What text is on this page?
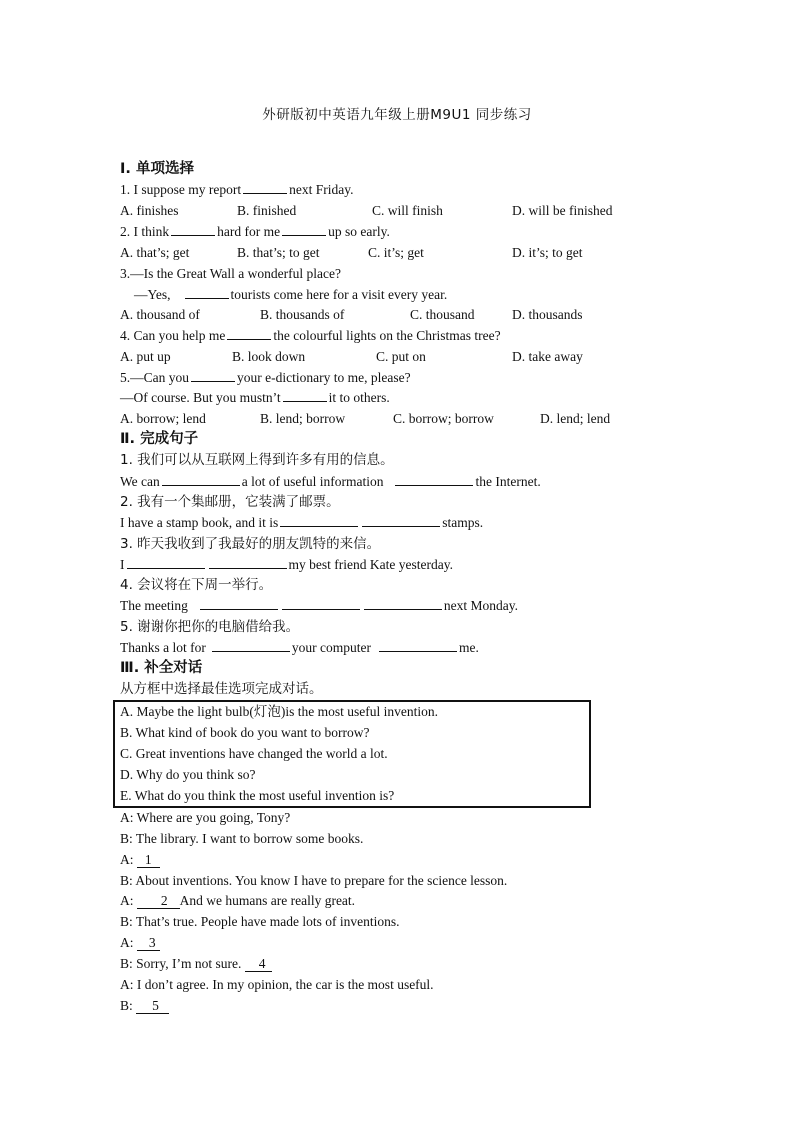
外研版初中英语九年级上册M9U1 同步练习
Ⅰ. 单项选择
1. I suppose my report	next Friday.
A. finishes	B. finished	C. will finish	D. will be finished
2. I think	hard for me	up so early.
A. that’s; get	B. that’s; to get	C. it’s; get	D. it’s; to get
3.—Is the Great Wall a wonderful place?
—Yes,	tourists come here for a visit every year.
A. thousand of	B. thousands of	C. thousand	D. thousands
4. Can you help me	the colourful lights on the Christmas tree?
A. put up	B. look down	C. put on	D. take away
5.—Can you	your e-dictionary to me, please?
—Of course. But you mustn’t	it to others.
A. borrow; lend	B. lend; borrow	C. borrow; borrow	D. lend; lend
Ⅱ. 完成句子
1. 我们可以从互联网上得到许多有用的信息。
We can	a lot of useful information	the Internet.
2. 我有一个集邮册，它装满了邮票。
I have a stamp book, and it is	stamps.
3. 昨天我收到了我最好的朋友凯特的来信。
I	my best friend Kate yesterday.
4. 会议将在下周一举行。
The meeting	next Monday.
5. 谢谢你把你的电脑借给我。
Thanks a lot for	your computer	me.
Ⅲ. 补全对话
从方框中选择最佳选项完成对话。
A. Maybe the light bulb(灯泡)is the most useful invention.
B. What kind of book do you want to borrow?
C. Great inventions have changed the world a lot.
D. Why do you think so?
E. What do you think the most useful invention is?
A: Where are you going, Tony?
B: The library. I want to borrow some books.
A: 1
B: About inventions. You know I have to prepare for the science lesson.
A: 2 And we humans are really great.
B: That’s true. People have made lots of inventions.
A: 3
B: Sorry, I’m not sure. 4
A: I don’t agree. In my opinion, the car is the most useful.
B: 5
